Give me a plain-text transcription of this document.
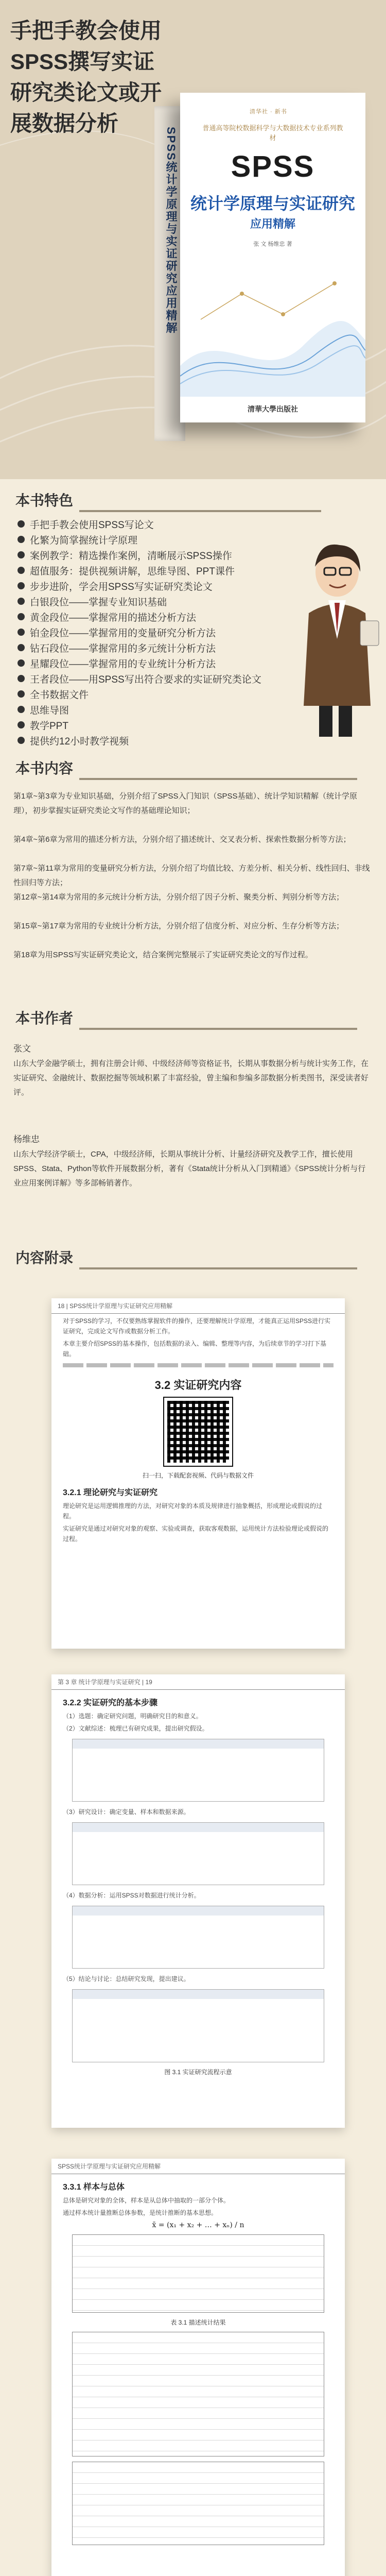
手把手教会使用SPSS撰写实证研究类论文或开展数据分析
SPSS统计学原理与实证研究应用精解
清华社 · 新书
普通高等院校数据科学与大数据技术专业系列教材
SPSS
统计学原理与实证研究
应用精解
张 文 杨维忠 著
清華大學出版社
本书特色
手把手教会使用SPSS写论文
化繁为简掌握统计学原理
案例教学：精选操作案例，清晰展示SPSS操作
超值服务：提供视频讲解，思维导图、PPT课件
步步进阶，学会用SPSS写实证研究类论文
白银段位——掌握专业知识基础
黄金段位——掌握常用的描述分析方法
铂金段位——掌握常用的变量研究分析方法
钻石段位——掌握常用的多元统计分析方法
星耀段位——掌握常用的专业统计分析方法
王者段位——用SPSS写出符合要求的实证研究类论文
全书数据文件
思维导图
教学PPT
提供约12小时教学视频
本书内容

第1章~第3章为专业知识基础，分别介绍了SPSS入门知识（SPSS基础）、统计学知识精解（统计学原理），初步掌握实证研究类论文写作的基础理论知识；

第4章~第6章为常用的描述分析方法，分别介绍了描述统计、交叉表分析、探索性数据分析等方法；

第7章~第11章为常用的变量研究分析方法，分别介绍了均值比较、方差分析、相关分析、线性回归、非线性回归等方法；

第12章~第14章为常用的多元统计分析方法，分别介绍了因子分析、聚类分析、判别分析等方法；

第15章~第17章为常用的专业统计分析方法，分别介绍了信度分析、对应分析、生存分析等方法；

第18章为用SPSS写实证研究类论文，结合案例完整展示了实证研究类论文的写作过程。

本书作者
张文

山东大学金融学硕士，拥有注册会计师、中级经济师等资格证书，长期从事数据分析与统计实务工作，在实证研究、金融统计、数据挖掘等领域积累了丰富经验，曾主编和参编多部数据分析类图书，深受读者好评。

杨维忠

山东大学经济学硕士，CPA，中级经济师，长期从事统计分析、计量经济研究及教学工作，擅长使用SPSS、Stata、Python等软件开展数据分析，著有《Stata统计分析从入门到精通》《SPSS统计分析与行业应用案例详解》等多部畅销著作。

内容附录
18 | SPSS统计学原理与实证研究应用精解
对于SPSS的学习，不仅要熟练掌握软件的操作，还要理解统计学原理，才能真正运用SPSS进行实证研究，完成论文写作或数据分析工作。
本章主要介绍SPSS的基本操作，包括数据的录入、编辑、整理等内容，为后续章节的学习打下基础。
3.2 实证研究内容
扫一扫，下载配套视频、代码与数据文件
3.2.1 理论研究与实证研究
理论研究是运用逻辑推理的方法，对研究对象的本质及规律进行抽象概括，形成理论或假说的过程。
实证研究是通过对研究对象的观察、实验或调查，获取客观数据，运用统计方法检验理论或假说的过程。
第 3 章 统计学原理与实证研究 | 19
3.2.2 实证研究的基本步骤
（1）选题：确定研究问题，明确研究目的和意义。
（2）文献综述：梳理已有研究成果，提出研究假设。
（3）研究设计：确定变量、样本和数据来源。
（4）数据分析：运用SPSS对数据进行统计分析。
（5）结论与讨论：总结研究发现，提出建议。
图 3.1 实证研究流程示意
SPSS统计学原理与实证研究应用精解
3.3.1 样本与总体
总体是研究对象的全体，样本是从总体中抽取的一部分个体。
通过样本统计量推断总体参数，是统计推断的基本思想。
x̄ = (x₁ + x₂ + … + xₙ) / n
表 3.1 描述统计结果
